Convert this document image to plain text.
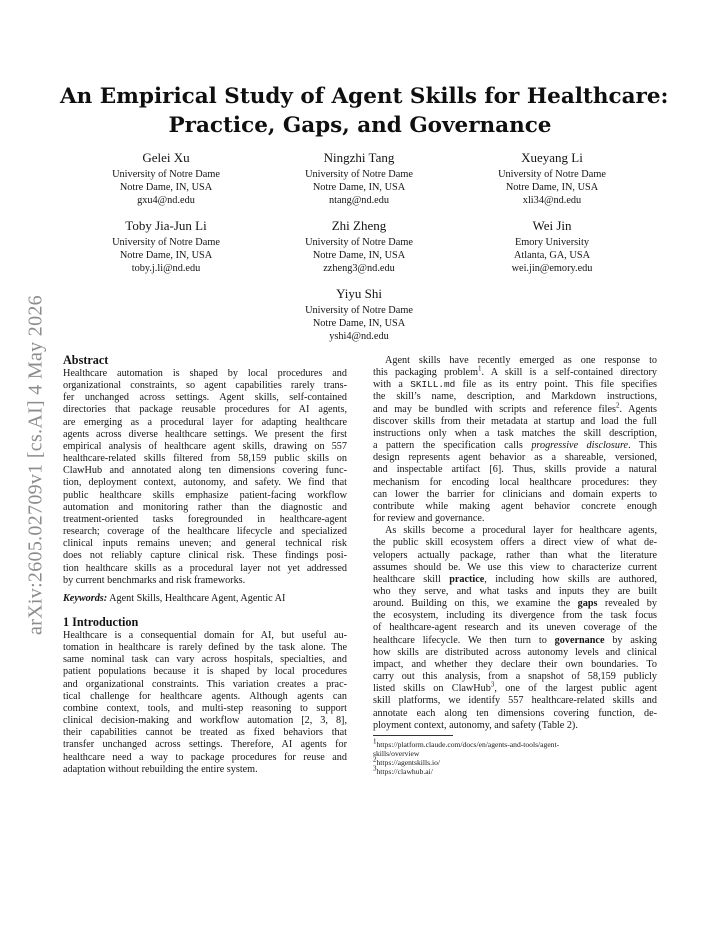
arXiv:2605.02709v1 [cs.AI] 4 May 2026
An Empirical Study of Agent Skills for Healthcare:
Practice, Gaps, and Governance
Gelei Xu
University of Notre Dame
Notre Dame, IN, USA
gxu4@nd.edu
Ningzhi Tang
University of Notre Dame
Notre Dame, IN, USA
ntang@nd.edu
Xueyang Li
University of Notre Dame
Notre Dame, IN, USA
xli34@nd.edu
Toby Jia-Jun Li
University of Notre Dame
Notre Dame, IN, USA
toby.j.li@nd.edu
Zhi Zheng
University of Notre Dame
Notre Dame, IN, USA
zzheng3@nd.edu
Wei Jin
Emory University
Atlanta, GA, USA
wei.jin@emory.edu
Yiyu Shi
University of Notre Dame
Notre Dame, IN, USA
yshi4@nd.edu
Abstract
Healthcare automation is shaped by local procedures and
organizational constraints, so agent capabilities rarely trans-
fer unchanged across settings. Agent skills, self-contained
directories that package reusable procedures for AI agents,
are emerging as a procedural layer for adapting healthcare
agents across diverse healthcare settings. We present the first
empirical analysis of healthcare agent skills, drawing on 557
healthcare-related skills filtered from 58,159 public skills on
ClawHub and annotated along ten dimensions covering func-
tion, deployment context, autonomy, and safety. We find that
public healthcare skills emphasize patient-facing workflow
automation and monitoring rather than the diagnostic and
treatment-oriented tasks foregrounded in healthcare-agent
research; coverage of the healthcare lifecycle and specialized
clinical inputs remains uneven; and general technical risk
does not reliably capture clinical risk. These findings posi-
tion healthcare skills as a procedural layer not yet addressed
by current benchmarks and risk frameworks.
Keywords: Agent Skills, Healthcare Agent, Agentic AI
1 Introduction
Healthcare is a consequential domain for AI, but useful au-
tomation in healthcare is rarely defined by the task alone. The
same nominal task can vary across hospitals, specialties, and
patient populations because it is shaped by local procedures
and organizational constraints. This variation creates a prac-
tical challenge for healthcare agents. Although agents can
combine context, tools, and multi-step reasoning to support
clinical decision-making and workflow automation [2, 3, 8],
their capabilities cannot be treated as fixed behaviors that
transfer unchanged across settings. Therefore, AI agents for
healthcare need a way to package procedures for reuse and
adaptation without rebuilding the entire system.
Agent skills have recently emerged as one response to
this packaging problem$^1$. A skill is a self-contained directory
with a SKILL.md file as its entry point. This file specifies
the skill’s name, description, and Markdown instructions,
and may be bundled with scripts and reference files$^2$. Agents
discover skills from their metadata at startup and load the full
instructions only when a task matches the skill description,
a pattern the specification calls progressive disclosure. This
design represents agent behavior as a shareable, versioned,
and inspectable artifact [6]. Thus, skills provide a natural
mechanism for encoding local healthcare procedures: they
can lower the barrier for clinicians and domain experts to
contribute while making agent behavior concrete enough
for review and governance.
As skills become a procedural layer for healthcare agents,
the public skill ecosystem offers a direct view of what de-
velopers actually package, rather than what the literature
assumes should be. We use this view to characterize current
healthcare skill practice, including how skills are authored,
who they serve, and what tasks and inputs they are built
around. Building on this, we examine the gaps revealed by
the ecosystem, including its divergence from the task focus
of healthcare-agent research and its uneven coverage of the
healthcare lifecycle. We then turn to governance by asking
how skills are distributed across autonomy levels and clinical
impact, and whether they declare their own boundaries. To
carry out this analysis, from a snapshot of 58,159 publicly
listed skills on ClawHub$^3$, one of the largest public agent
skill platforms, we identify 557 healthcare-related skills and
annotate each along ten dimensions covering function, de-
ployment context, autonomy, and safety (Table 2).
$^1$https://platform.claude.com/docs/en/agents-and-tools/agent-
skills/overview
$^2$https://agentskills.io/
$^3$https://clawhub.ai/
